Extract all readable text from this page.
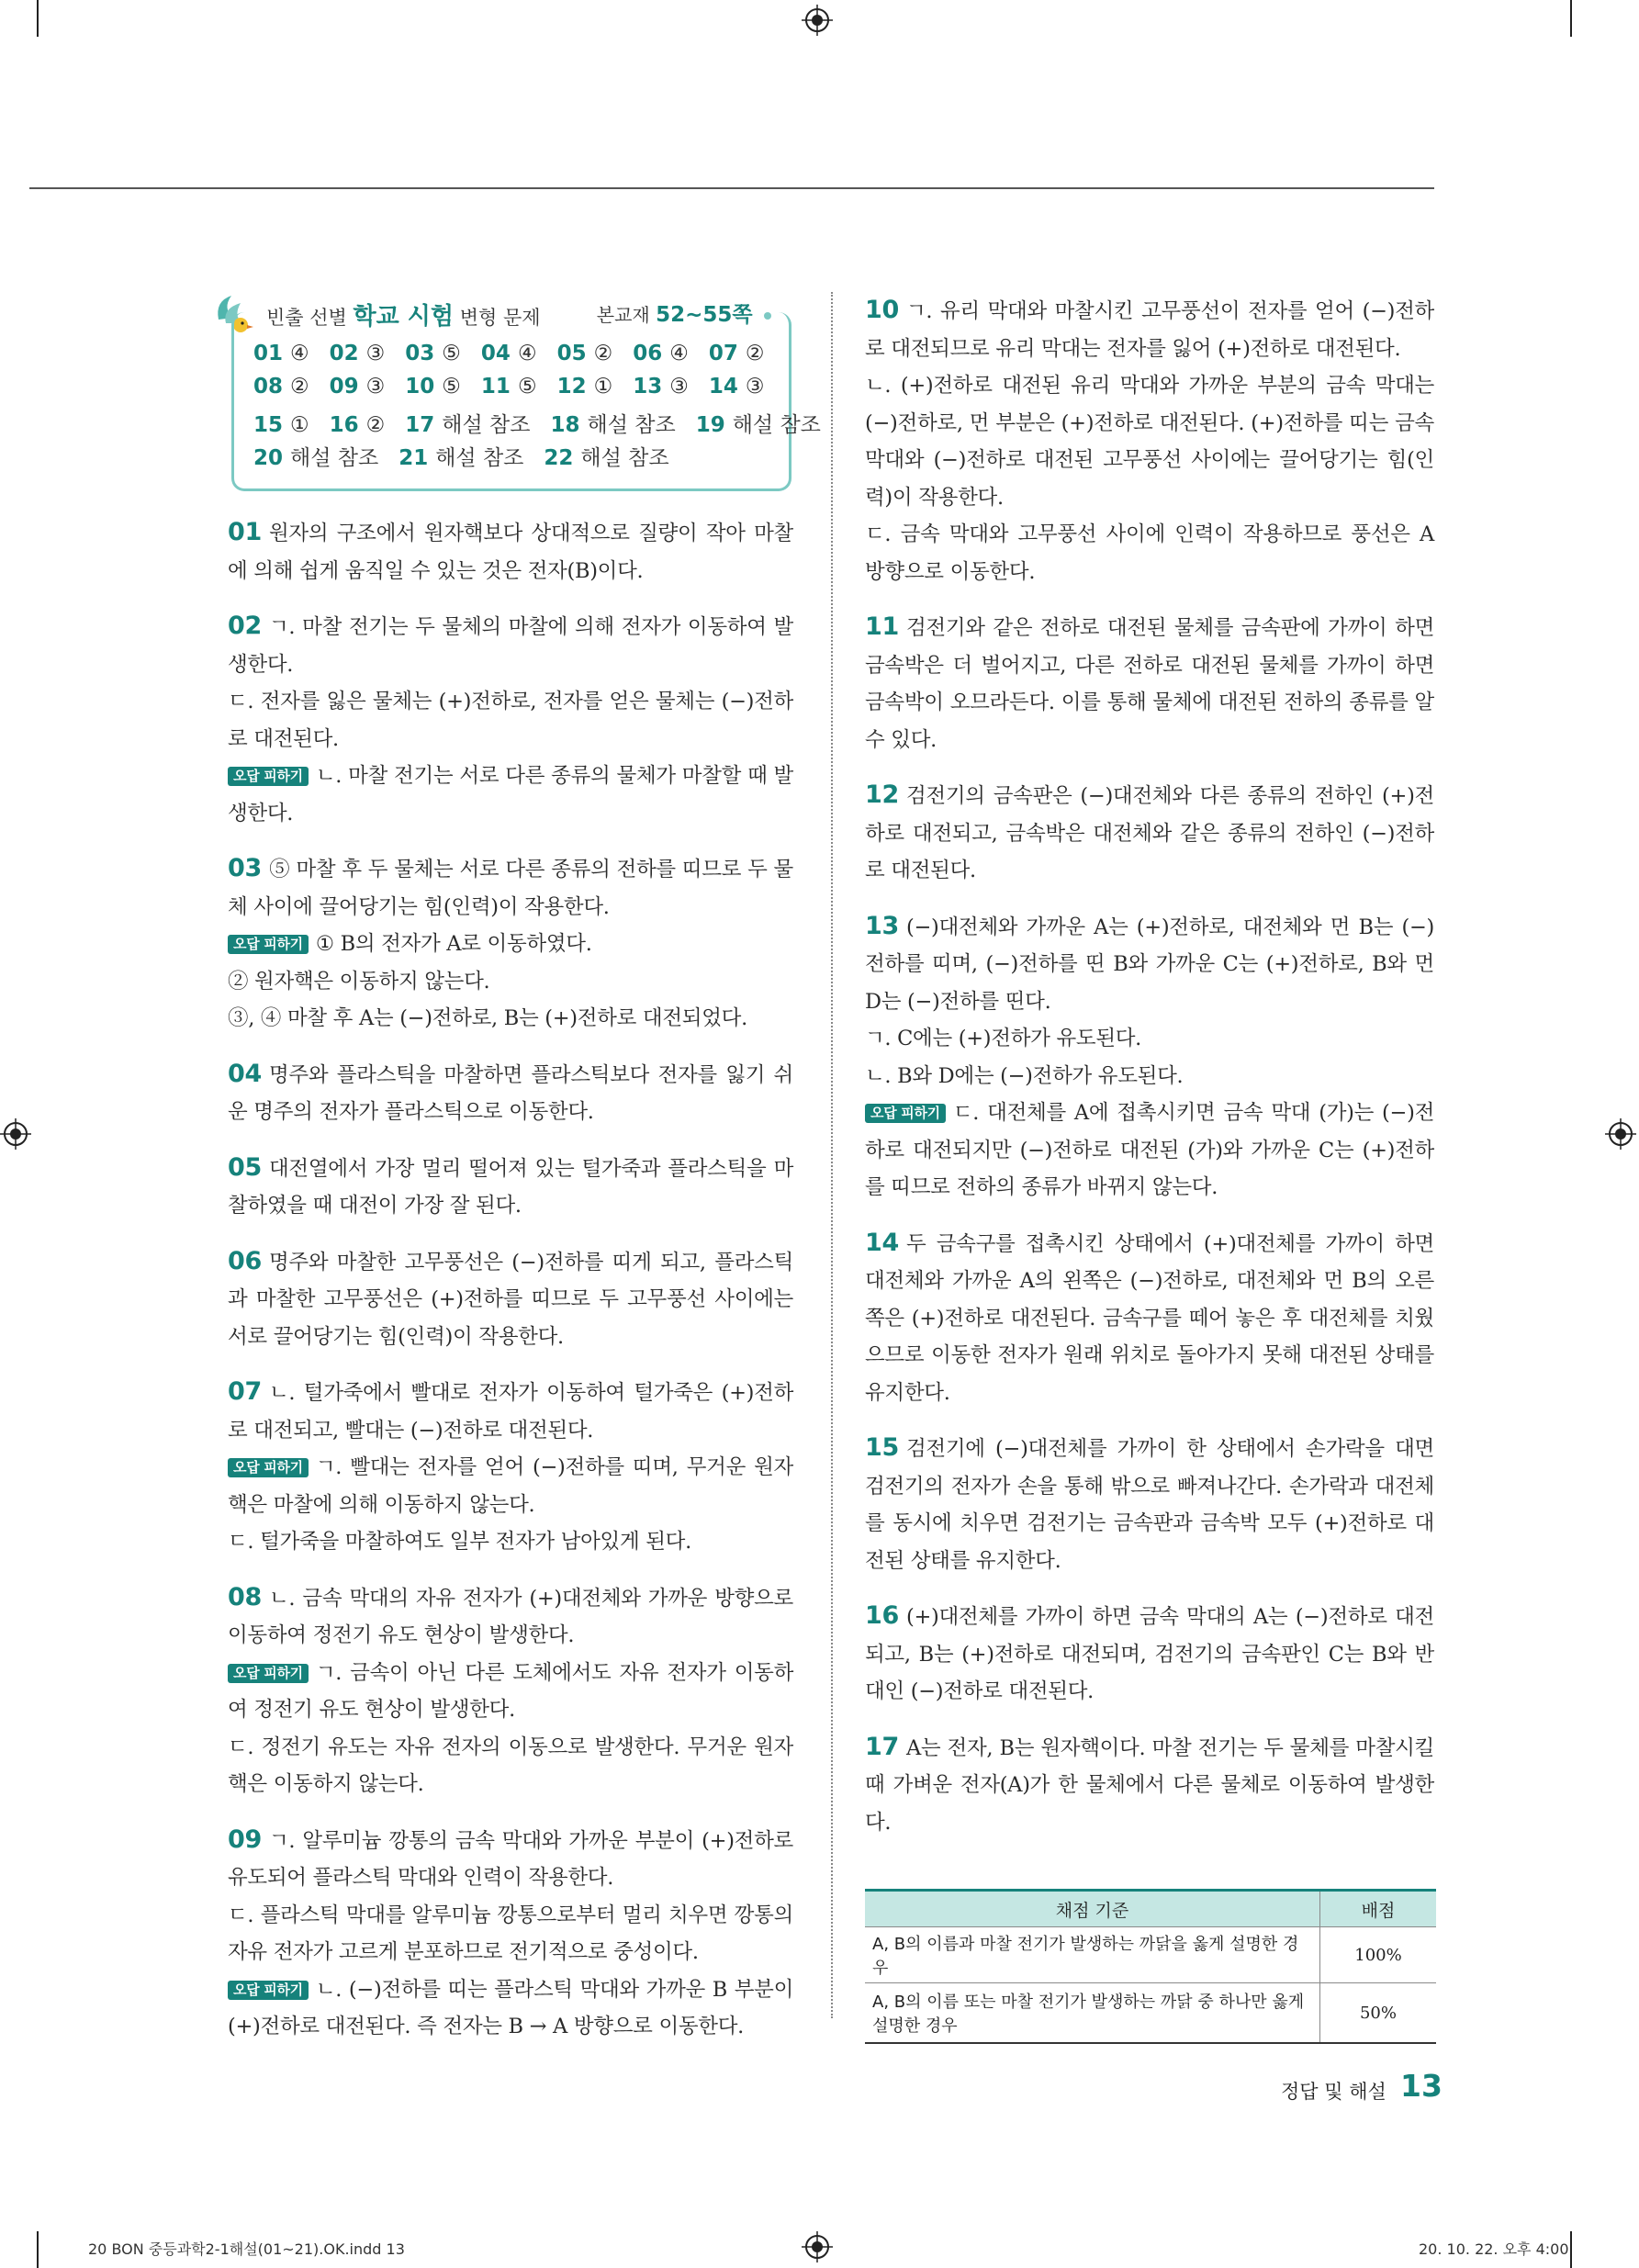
빈출 선별 학교 시험 변형 문제	본교재 52~55쪽
01 ④ 02 ③ 03 ⑤ 04 ④ 05 ② 06 ④ 07 ②
08 ② 09 ③ 10 ⑤ 11 ⑤ 12 ① 13 ③ 14 ③
15 ① 16 ② 17 해설 참조 18 해설 참조 19 해설 참조
20 해설 참조 21 해설 참조 22 해설 참조

01 원자의 구조에서 원자핵보다 상대적으로 질량이 작아 마찰에 의해 쉽게 움직일 수 있는 것은 전자(B)이다.

02 ㄱ. 마찰 전기는 두 물체의 마찰에 의해 전자가 이동하여 발생한다.

ㄷ. 전자를 잃은 물체는 (+)전하로, 전자를 얻은 물체는 (−)전하로 대전된다.

오답 피하기 ㄴ. 마찰 전기는 서로 다른 종류의 물체가 마찰할 때 발생한다.

03 ⑤ 마찰 후 두 물체는 서로 다른 종류의 전하를 띠므로 두 물체 사이에 끌어당기는 힘(인력)이 작용한다.

오답 피하기 ① B의 전자가 A로 이동하였다.

② 원자핵은 이동하지 않는다.

③, ④ 마찰 후 A는 (−)전하로, B는 (+)전하로 대전되었다.

04 명주와 플라스틱을 마찰하면 플라스틱보다 전자를 잃기 쉬운 명주의 전자가 플라스틱으로 이동한다.

05 대전열에서 가장 멀리 떨어져 있는 털가죽과 플라스틱을 마찰하였을 때 대전이 가장 잘 된다.

06 명주와 마찰한 고무풍선은 (−)전하를 띠게 되고, 플라스틱과 마찰한 고무풍선은 (+)전하를 띠므로 두 고무풍선 사이에는 서로 끌어당기는 힘(인력)이 작용한다.

07 ㄴ. 털가죽에서 빨대로 전자가 이동하여 털가죽은 (+)전하로 대전되고, 빨대는 (−)전하로 대전된다.

오답 피하기 ㄱ. 빨대는 전자를 얻어 (−)전하를 띠며, 무거운 원자핵은 마찰에 의해 이동하지 않는다.

ㄷ. 털가죽을 마찰하여도 일부 전자가 남아있게 된다.

08 ㄴ. 금속 막대의 자유 전자가 (+)대전체와 가까운 방향으로 이동하여 정전기 유도 현상이 발생한다.

오답 피하기 ㄱ. 금속이 아닌 다른 도체에서도 자유 전자가 이동하여 정전기 유도 현상이 발생한다.

ㄷ. 정전기 유도는 자유 전자의 이동으로 발생한다. 무거운 원자핵은 이동하지 않는다.

09 ㄱ. 알루미늄 깡통의 금속 막대와 가까운 부분이 (+)전하로 유도되어 플라스틱 막대와 인력이 작용한다.

ㄷ. 플라스틱 막대를 알루미늄 깡통으로부터 멀리 치우면 깡통의 자유 전자가 고르게 분포하므로 전기적으로 중성이다.

오답 피하기 ㄴ. (−)전하를 띠는 플라스틱 막대와 가까운 B 부분이 (+)전하로 대전된다. 즉 전자는 B → A 방향으로 이동한다.

10 ㄱ. 유리 막대와 마찰시킨 고무풍선이 전자를 얻어 (−)전하로 대전되므로 유리 막대는 전자를 잃어 (+)전하로 대전된다.

ㄴ. (+)전하로 대전된 유리 막대와 가까운 부분의 금속 막대는 (−)전하로, 먼 부분은 (+)전하로 대전된다. (+)전하를 띠는 금속 막대와 (−)전하로 대전된 고무풍선 사이에는 끌어당기는 힘(인력)이 작용한다.

ㄷ. 금속 막대와 고무풍선 사이에 인력이 작용하므로 풍선은 A 방향으로 이동한다.

11 검전기와 같은 전하로 대전된 물체를 금속판에 가까이 하면 금속박은 더 벌어지고, 다른 전하로 대전된 물체를 가까이 하면 금속박이 오므라든다. 이를 통해 물체에 대전된 전하의 종류를 알 수 있다.

12 검전기의 금속판은 (−)대전체와 다른 종류의 전하인 (+)전하로 대전되고, 금속박은 대전체와 같은 종류의 전하인 (−)전하로 대전된다.

13 (−)대전체와 가까운 A는 (+)전하로, 대전체와 먼 B는 (−)전하를 띠며, (−)전하를 띤 B와 가까운 C는 (+)전하로, B와 먼 D는 (−)전하를 띤다.

ㄱ. C에는 (+)전하가 유도된다.

ㄴ. B와 D에는 (−)전하가 유도된다.

오답 피하기 ㄷ. 대전체를 A에 접촉시키면 금속 막대 (가)는 (−)전하로 대전되지만 (−)전하로 대전된 (가)와 가까운 C는 (+)전하를 띠므로 전하의 종류가 바뀌지 않는다.

14 두 금속구를 접촉시킨 상태에서 (+)대전체를 가까이 하면 대전체와 가까운 A의 왼쪽은 (−)전하로, 대전체와 먼 B의 오른쪽은 (+)전하로 대전된다. 금속구를 떼어 놓은 후 대전체를 치웠으므로 이동한 전자가 원래 위치로 돌아가지 못해 대전된 상태를 유지한다.

15 검전기에 (−)대전체를 가까이 한 상태에서 손가락을 대면 검전기의 전자가 손을 통해 밖으로 빠져나간다. 손가락과 대전체를 동시에 치우면 검전기는 금속판과 금속박 모두 (+)전하로 대전된 상태를 유지한다.

16 (+)대전체를 가까이 하면 금속 막대의 A는 (−)전하로 대전되고, B는 (+)전하로 대전되며, 검전기의 금속판인 C는 B와 반대인 (−)전하로 대전된다.

17 A는 전자, B는 원자핵이다. 마찰 전기는 두 물체를 마찰시킬 때 가벼운 전자(A)가 한 물체에서 다른 물체로 이동하여 발생한다.

채점 기준	배점
A, B의 이름과 마찰 전기가 발생하는 까닭을 옳게 설명한 경우	100%
A, B의 이름 또는 마찰 전기가 발생하는 까닭 중 하나만 옳게 설명한 경우	50%
정답 및 해설 13
20 BON 중등과학2-1해설(01~21).OK.indd 13	20. 10. 22. 오후 4:00
